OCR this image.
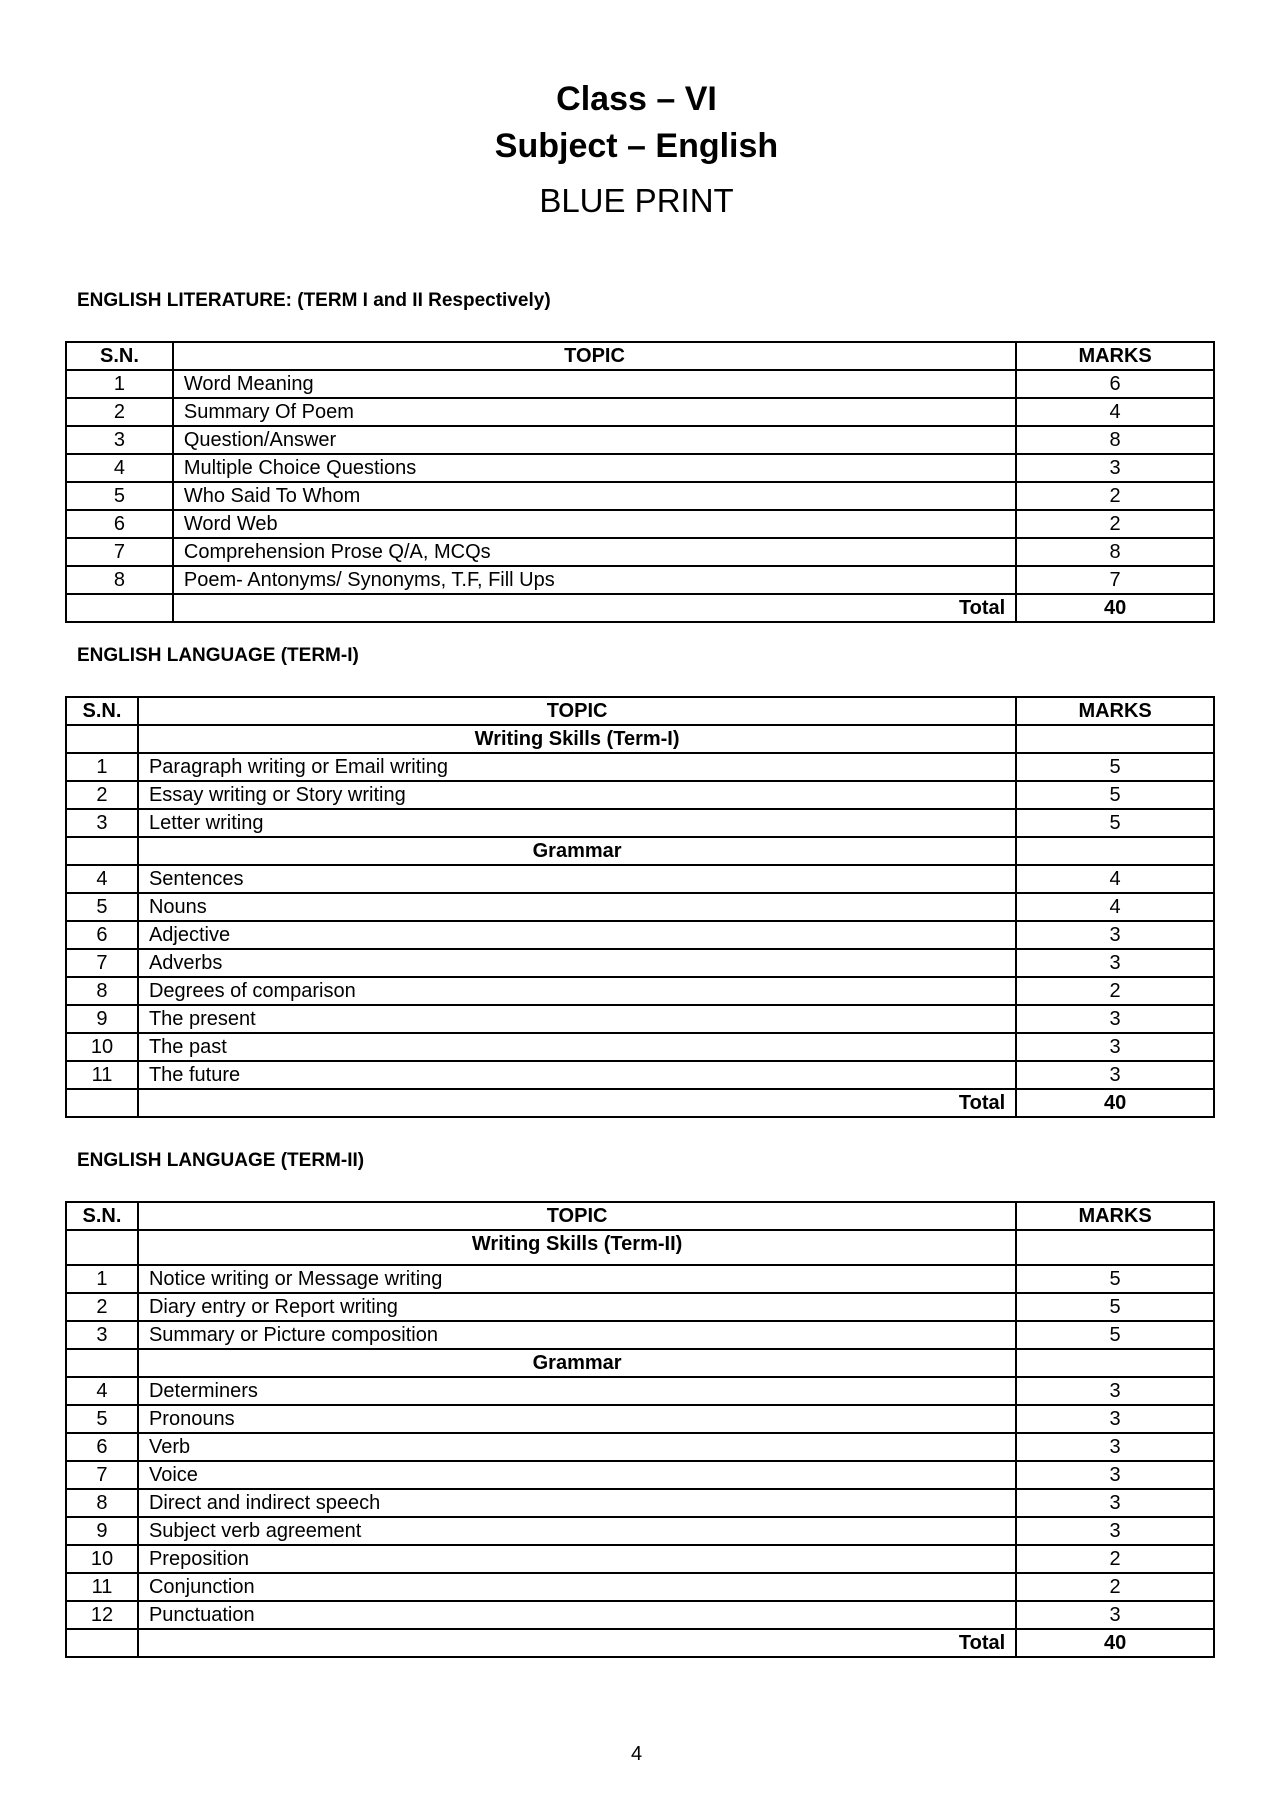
Class – VI
Subject – English
BLUE PRINT
ENGLISH LITERATURE: (TERM I and II Respectively)
S.N.	TOPIC	MARKS
1	Word Meaning	6
2	Summary Of Poem	4
3	Question/Answer	8
4	Multiple Choice Questions	3
5	Who Said To Whom	2
6	Word Web	2
7	Comprehension Prose Q/A, MCQs	8
8	Poem- Antonyms/ Synonyms, T.F, Fill Ups	7
	Total	40
ENGLISH LANGUAGE (TERM-I)
S.N.	TOPIC	MARKS
	Writing Skills (Term-I)	
1	Paragraph writing or Email writing	5
2	Essay writing or Story writing	5
3	Letter writing	5
	Grammar	
4	Sentences	4
5	Nouns	4
6	Adjective	3
7	Adverbs	3
8	Degrees of comparison	2
9	The present	3
10	The past	3
11	The future	3
	Total	40
ENGLISH LANGUAGE (TERM-II)
S.N.	TOPIC	MARKS
	Writing Skills (Term-II)	
1	Notice writing or Message writing	5
2	Diary entry or Report writing	5
3	Summary or Picture composition	5
	Grammar	
4	Determiners	3
5	Pronouns	3
6	Verb	3
7	Voice	3
8	Direct and indirect speech	3
9	Subject verb agreement	3
10	Preposition	2
11	Conjunction	2
12	Punctuation	3
	Total	40
4
